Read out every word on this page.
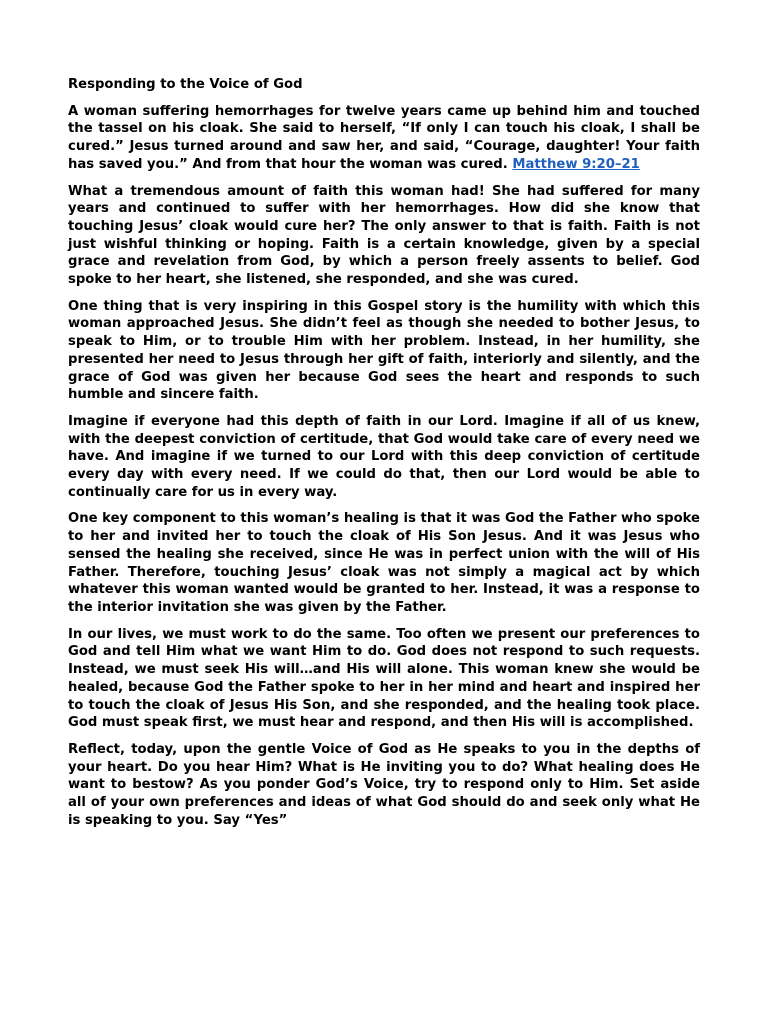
Responding to the Voice of God

A woman suffering hemorrhages for twelve years came up behind him and touched the tassel on his cloak. She said to herself, “If only I can touch his cloak, I shall be cured.” Jesus turned around and saw her, and said, “Courage, daughter! Your faith has saved you.” And from that hour the woman was cured. Matthew 9:20–21

What a tremendous amount of faith this woman had! She had suffered for many years and continued to suffer with her hemorrhages. How did she know that touching Jesus’ cloak would cure her? The only answer to that is faith. Faith is not just wishful thinking or hoping. Faith is a certain knowledge, given by a special grace and revelation from God, by which a person freely assents to belief. God spoke to her heart, she listened, she responded, and she was cured.

One thing that is very inspiring in this Gospel story is the humility with which this woman approached Jesus. She didn’t feel as though she needed to bother Jesus, to speak to Him, or to trouble Him with her problem. Instead, in her humility, she presented her need to Jesus through her gift of faith, interiorly and silently, and the grace of God was given her because God sees the heart and responds to such humble and sincere faith.

Imagine if everyone had this depth of faith in our Lord. Imagine if all of us knew, with the deepest conviction of certitude, that God would take care of every need we have. And imagine if we turned to our Lord with this deep conviction of certitude every day with every need. If we could do that, then our Lord would be able to continually care for us in every way.

One key component to this woman’s healing is that it was God the Father who spoke to her and invited her to touch the cloak of His Son Jesus. And it was Jesus who sensed the healing she received, since He was in perfect union with the will of His Father. Therefore, touching Jesus’ cloak was not simply a magical act by which whatever this woman wanted would be granted to her. Instead, it was a response to the interior invitation she was given by the Father.

In our lives, we must work to do the same. Too often we present our preferences to God and tell Him what we want Him to do. God does not respond to such requests. Instead, we must seek His will…and His will alone. This woman knew she would be healed, because God the Father spoke to her in her mind and heart and inspired her to touch the cloak of Jesus His Son, and she responded, and the healing took place. God must speak first, we must hear and respond, and then His will is accomplished.

Reflect, today, upon the gentle Voice of God as He speaks to you in the depths of your heart. Do you hear Him? What is He inviting you to do? What healing does He want to bestow? As you ponder God’s Voice, try to respond only to Him. Set aside all of your own preferences and ideas of what God should do and seek only what He is speaking to you. Say “Yes”
